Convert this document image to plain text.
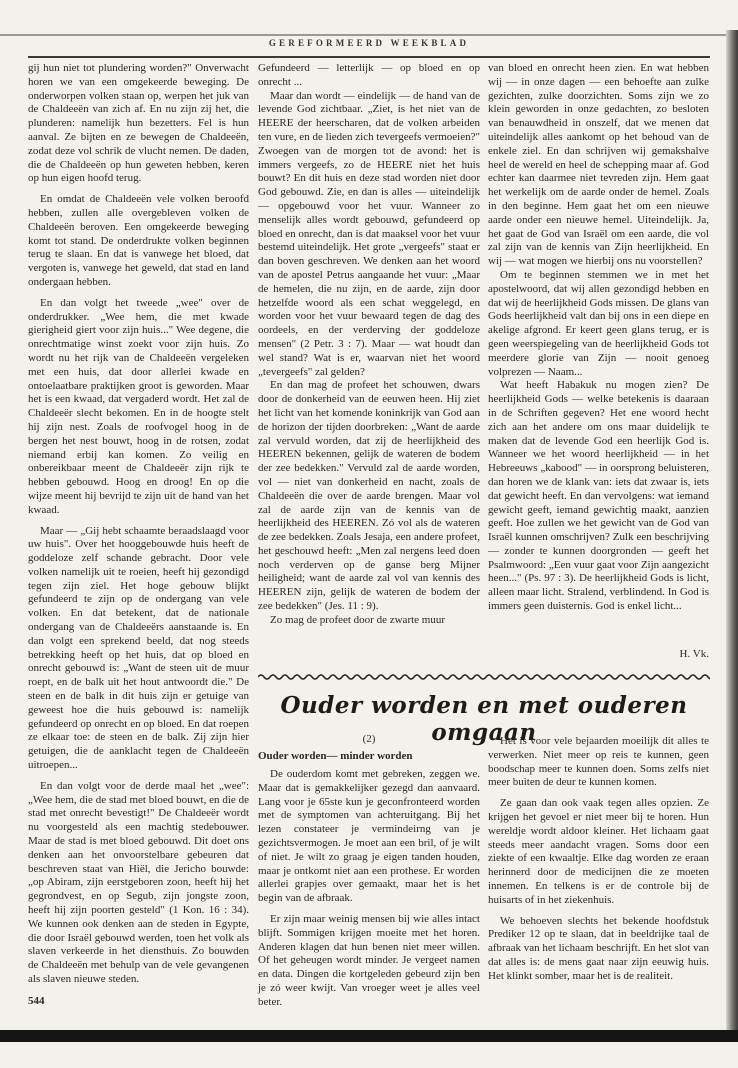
GEREFORMEERD WEEKBLAD

gij hun niet tot plundering worden?" Onverwacht horen we van een omgekeerde beweging. De onderworpen volken staan op, werpen het juk van de Chaldeeën van zich af. En nu zijn zij het, die plunderen: namelijk hun bezetters. Fel is hun aanval. Ze bijten en ze bewegen de Chaldeeën, zodat deze vol schrik de vlucht nemen. De daden, die de Chaldeeën op hun geweten hebben, keren op hun eigen hoofd terug.

En omdat de Chaldeeën vele volken beroofd hebben, zullen alle overgebleven volken de Chaldeeën beroven. Een omgekeerde beweging komt tot stand. De onderdrukte volken beginnen terug te slaan. En dat is vanwege het bloed, dat vergoten is, vanwege het geweld, dat stad en land ondergaan hebben.

En dan volgt het tweede „wee" over de onderdrukker. „Wee hem, die met kwade gierigheid giert voor zijn huis..." Wee degene, die onrechtmatige winst zoekt voor zijn huis. Zo wordt nu het rijk van de Chaldeeën vergeleken met een huis, dat door allerlei kwade en ontoelaatbare praktijken groot is geworden. Maar het is een kwaad, dat vergaderd wordt. Het zal de Chaldeeër slecht bekomen. En in de hoogte stelt hij zijn nest. Zoals de roofvogel hoog in de bergen het nest bouwt, hoog in de rotsen, zodat niemand erbij kan komen. Zo veilig en onbereikbaar meent de Chaldeeër zijn rijk te hebben gebouwd. Hoog en droog! En op die wijze meent hij bevrijd te zijn uit de hand van het kwaad.

Maar — „Gij hebt schaamte beraadslaagd voor uw huis". Over het hooggebouwde huis heeft de goddeloze zelf schande gebracht. Door vele volken namelijk uit te roeien, heeft hij gezondigd tegen zijn ziel. Het hoge gebouw blijkt gefundeerd te zijn op de ondergang van vele volken. En dat betekent, dat de nationale ondergang van de Chaldeeërs aanstaande is. En dan volgt een sprekend beeld, dat nog steeds betrekking heeft op het huis, dat op bloed en onrecht gebouwd is: „Want de steen uit de muur roept, en de balk uit het hout antwoordt die." De steen en de balk in dit huis zijn er getuige van geweest hoe die huis gebouwd is: namelijk gefundeerd op onrecht en op bloed. En dat roepen ze elkaar toe: de steen en de balk. Zij zijn hier getuigen, die de aanklacht tegen de Chaldeeën uitroepen...

En dan volgt voor de derde maal het „wee": „Wee hem, die de stad met bloed bouwt, en die de stad met onrecht bevestigt!" De Chaldeeër wordt nu voorgesteld als een machtig stedebouwer. Maar de stad is met bloed gebouwd. Dit doet ons denken aan het onvoorstelbare gebeuren dat beschreven staat van Hiël, die Jericho bouwde: „op Abiram, zijn eerstgeboren zoon, heeft hij het gegrondvest, en op Segub, zijn jongste zoon, heeft hij zijn poorten gesteld" (1 Kon. 16 : 34). We kunnen ook denken aan de steden in Egypte, die door Israël gebouwd werden, toen het volk als slaven verkeerde in het diensthuis. Zo bouwden de Chaldeeën met behulp van de vele gevangenen als slaven nieuwe steden.

Gefundeerd — letterlijk — op bloed en op onrecht ...

Maar dan wordt — eindelijk — de hand van de levende God zichtbaar. „Ziet, is het niet van de HEERE der heerscharen, dat de volken arbeiden ten vure, en de lieden zich tevergeefs vermoeien?" Zwoegen van de morgen tot de avond: het is immers vergeefs, zo de HEERE niet het huis bouwt? En dit huis en deze stad worden niet door God gebouwd. Zie, en dan is alles — uiteindelijk — opgebouwd voor het vuur. Wanneer zo menselijk alles wordt gebouwd, gefundeerd op bloed en onrecht, dan is dat maaksel voor het vuur bestemd uiteindelijk. Het grote „vergeefs" staat er dan boven geschreven. We denken aan het woord van de apostel Petrus aangaande het vuur: „Maar de hemelen, die nu zijn, en de aarde, zijn door hetzelfde woord als een schat weggelegd, en worden voor het vuur bewaard tegen de dag des oordeels, en der verderving der goddeloze mensen" (2 Petr. 3 : 7). Maar — wat houdt dan wel stand? Wat is er, waarvan niet het woord „tevergeefs" zal gelden?

En dan mag de profeet het schouwen, dwars door de donkerheid van de eeuwen heen. Hij ziet het licht van het komende koninkrijk van God aan de horizon der tijden doorbreken: „Want de aarde zal vervuld worden, dat zij de heerlijkheid des HEEREN bekennen, gelijk de wateren de bodem der zee bedekken." Vervuld zal de aarde worden, vol — niet van donkerheid en nacht, zoals de Chaldeeën die over de aarde brengen. Maar vol zal de aarde zijn van de kennis van de heerlijkheid des HEEREN. Zó vol als de wateren de zee bedekken. Zoals Jesaja, een andere profeet, het geschouwd heeft: „Men zal nergens leed doen noch verderven op de ganse berg Mijner heiligheid; want de aarde zal vol van kennis des HEEREN zijn, gelijk de wateren de bodem der zee bedekken" (Jes. 11 : 9).

Zo mag de profeet door de zwarte muur

van bloed en onrecht heen zien. En wat hebben wij — in onze dagen — een behoefte aan zulke gezichten, zulke doorzichten. Soms zijn we zo klein geworden in onze gedachten, zo besloten van benauwdheid in onszelf, dat we menen dat uiteindelijk alles aankomt op het behoud van de enkele ziel. En dan schrijven wij gemakshalve heel de wereld en heel de schepping maar af. God echter kan daarmee niet tevreden zijn. Hem gaat het werkelijk om de aarde onder de hemel. Zoals in den beginne. Hem gaat het om een nieuwe aarde onder een nieuwe hemel. Uiteindelijk. Ja, het gaat de God van Israël om een aarde, die vol zal zijn van de kennis van Zijn heerlijkheid. En wij — wat mogen we hierbij ons nu voorstellen?

Om te beginnen stemmen we in met het apostelwoord, dat wij allen gezondigd hebben en dat wij de heerlijkheid Gods missen. De glans van Gods heerlijkheid valt dan bij ons in een diepe en akelige afgrond. Er keert geen glans terug, er is geen weerspiegeling van de heerlijkheid Gods tot meerdere glorie van Zijn — nooit genoeg volprezen — Naam...

Wat heeft Habakuk nu mogen zien? De heerlijkheid Gods — welke betekenis is daaraan in de Schriften gegeven? Het ene woord hecht zich aan het andere om ons maar duidelijk te maken dat de levende God een heerlijk God is. Wanneer we het woord heerlijkheid — in het Hebreeuws „kabood" — in oorsprong beluisteren, dan horen we de klank van: iets dat zwaar is, iets dat gewicht heeft. En dan vervolgens: wat iemand gewicht geeft, iemand gewichtig maakt, aanzien geeft. Hoe zullen we het gewicht van de God van Israël kunnen omschrijven? Zulk een beschrijving — zonder te kunnen doorgronden — geeft het Psalmwoord: „Een vuur gaat voor Zijn aangezicht heen..." (Ps. 97 : 3). De heerlijkheid Gods is licht, alleen maar licht. Stralend, verblindend. In God is immers geen duisternis. God is enkel licht...

H. Vk.
Ouder worden en met ouderen omgaan
(2)
Ouder worden— minder worden

De ouderdom komt met gebreken, zeggen we. Maar dat is gemakkelijker gezegd dan aanvaard. Lang voor je 65ste kun je geconfronteerd worden met de symptomen van achteruitgang. Bij het lezen constateer je vermindeirng van je gezichtsvermogen. Je moet aan een bril, of je wilt of niet. Je wilt zo graag je eigen tanden houden, maar je ontkomt niet aan een prothese. Er worden allerlei grapjes over gemaakt, maar het is het begin van de afbraak.

Er zijn maar weinig mensen bij wie alles intact blijft. Sommigen krijgen moeite met het horen. Anderen klagen dat hun benen niet meer willen. Of het geheugen wordt minder. Je vergeet namen en data. Dingen die kortgeleden gebeurd zijn ben je zó weer kwijt. Van vroeger weet je alles veel beter.

Het is voor vele bejaarden moeilijk dit alles te verwerken. Niet meer op reis te kunnen, geen boodschap meer te kunnen doen. Soms zelfs niet meer buiten de deur te kunnen komen.

Ze gaan dan ook vaak tegen alles opzien. Ze krijgen het gevoel er niet meer bij te horen. Hun wereldje wordt aldoor kleiner. Het lichaam gaat steeds meer aandacht vragen. Soms door een ziekte of een kwaaltje. Elke dag worden ze eraan herinnerd door de medicijnen die ze moeten innemen. En telkens is er de controle bij de huisarts of in het ziekenhuis.

We behoeven slechts het bekende hoofdstuk Prediker 12 op te slaan, dat in beeldrijke taal de afbraak van het lichaam beschrijft. En het slot van dat alles is: de mens gaat naar zijn eeuwig huis. Het klinkt somber, maar het is de realiteit.

544
